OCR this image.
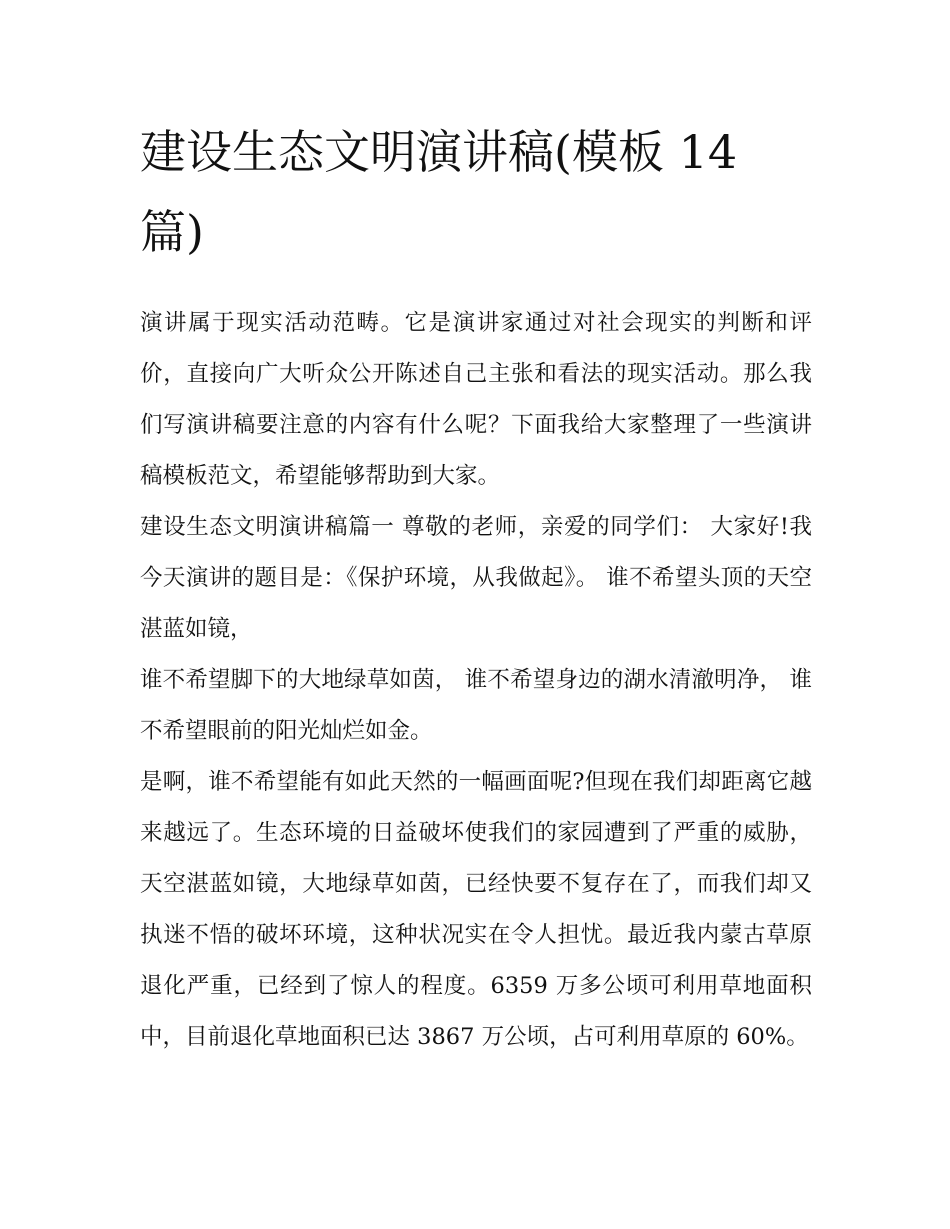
建设生态文明演讲稿(模板 14 篇)

演讲属于现实活动范畴。它是演讲家通过对社会现实的判断和评价，直接向广大听众公开陈述自己主张和看法的现实活动。那么我们写演讲稿要注意的内容有什么呢？下面我给大家整理了一些演讲稿模板范文，希望能够帮助到大家。

建设生态文明演讲稿篇一 尊敬的老师，亲爱的同学们： 大家好!我今天演讲的题目是：《保护环境，从我做起》。 谁不希望头顶的天空湛蓝如镜，

谁不希望脚下的大地绿草如茵， 谁不希望身边的湖水清澈明净， 谁不希望眼前的阳光灿烂如金。

是啊，谁不希望能有如此天然的一幅画面呢?但现在我们却距离它越来越远了。生态环境的日益破坏使我们的家园遭到了严重的威胁，天空湛蓝如镜，大地绿草如茵，已经快要不复存在了，而我们却又执迷不悟的破坏环境，这种状况实在令人担忧。最近我内蒙古草原退化严重，已经到了惊人的程度。6359 万多公顷可利用草地面积中，目前退化草地面积已达 3867 万公顷，占可利用草原的 60%。
